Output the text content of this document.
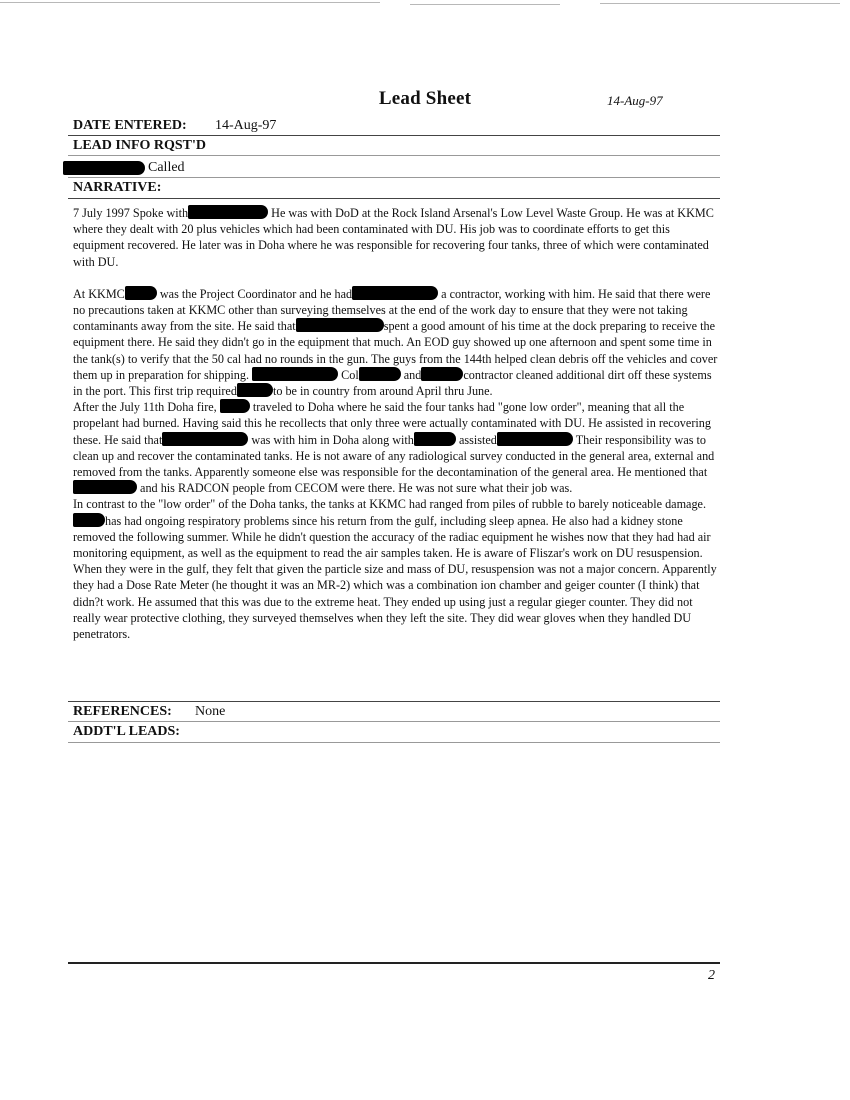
Lead Sheet	14-Aug-97
DATE ENTERED: 14-Aug-97
LEAD INFO RQST'D
Called
NARRATIVE:

7 July 1997 Spoke with	He was with DoD at the Rock Island Arsenal's Low Level Waste Group. He was at KKMC where they dealt with 20 plus vehicles which had been contaminated with DU. His job was to coordinate efforts to get this equipment recovered. He later was in Doha where he was responsible for recovering four tanks, three of which were contaminated with DU.

At KKMC	was the Project Coordinator and he had	a contractor, working with him. He said that there were no precautions taken at KKMC other than surveying themselves at the end of the work day to ensure that they were not taking contaminants away from the site. He said that	spent a good amount of his time at the dock preparing to receive the equipment there. He said they didn't go in the equipment that much. An EOD guy showed up one afternoon and spent some time in the tank(s) to verify that the 50 cal had no rounds in the gun. The guys from the 144th helped clean debris off the vehicles and cover them up in preparation for shipping.	Col	and	contractor cleaned additional dirt off these systems in the port. This first trip required	to be in country from around April thru June.

After the July 11th Doha fire,	traveled to Doha where he said the four tanks had "gone low order", meaning that all the propelant had burned. Having said this he recollects that only three were actually contaminated with DU. He assisted in recovering these. He said that	was with him in Doha along with	assisted	Their responsibility was to clean up and recover the contaminated tanks. He is not aware of any radiological survey conducted in the general area, external and removed from the tanks. Apparently someone else was responsible for the decontamination of the general area. He mentioned that and his RADCON people from CECOM were there. He was not sure what their job was.

In contrast to the "low order" of the Doha tanks, the tanks at KKMC had ranged from piles of rubble to barely noticeable damage. has had ongoing respiratory problems since his return from the gulf, including sleep apnea. He also had a kidney stone removed the following summer. While he didn't question the accuracy of the radiac equipment he wishes now that they had had air monitoring equipment, as well as the equipment to read the air samples taken. He is aware of Fliszar's work on DU resuspension. When they were in the gulf, they felt that given the particle size and mass of DU, resuspension was not a major concern. Apparently they had a Dose Rate Meter (he thought it was an MR-2) which was a combination ion chamber and geiger counter (I think) that didn?t work. He assumed that this was due to the extreme heat. They ended up using just a regular gieger counter. They did not really wear protective clothing, they surveyed themselves when they left the site. They did wear gloves when they handled DU penetrators.

REFERENCES: None
ADDT'L LEADS:
2
